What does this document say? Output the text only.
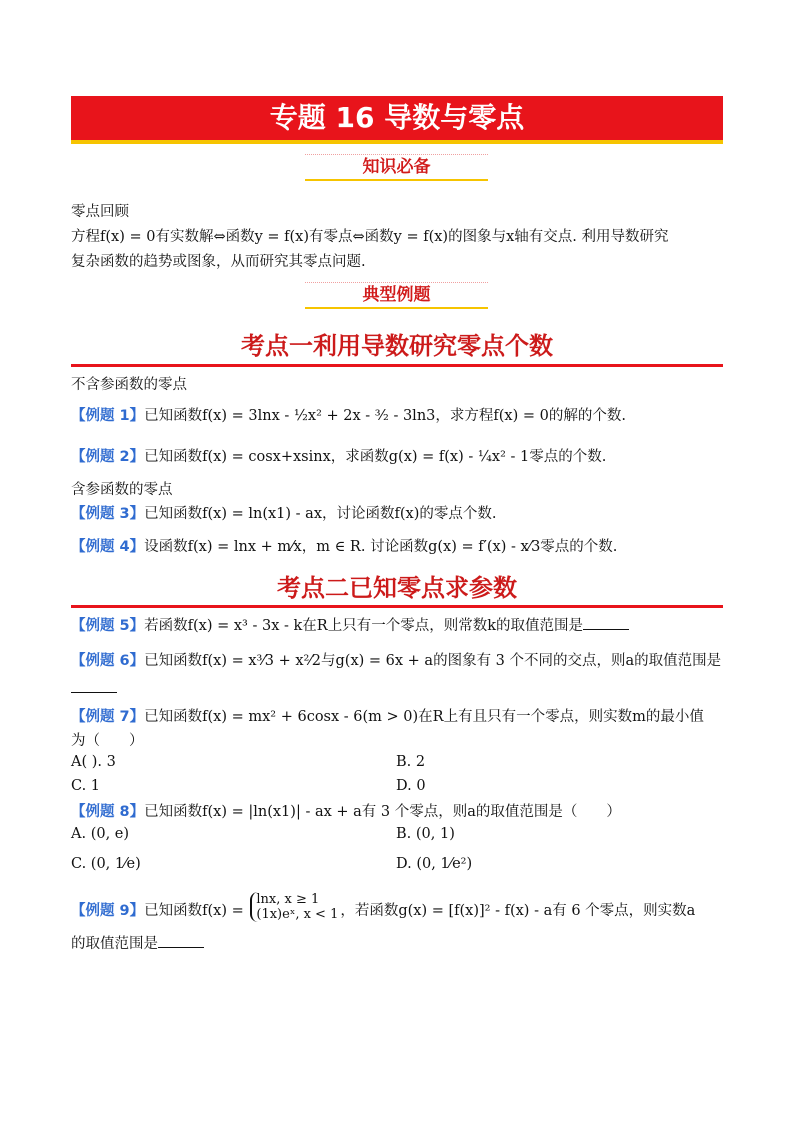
专题 16 导数与零点
知识必备
零点回顾
方程f(x) = 0有实数解⇔函数y = f(x)有零点⇔函数y = f(x)的图象与x轴有交点. 利用导数研究
复杂函数的趋势或图象，从而研究其零点问题.
典型例题
考点一利用导数研究零点个数
不含参函数的零点
【例题 1】已知函数f(x) = 3lnx - ½x² + 2x - ³⁄₂ - 3ln3，求方程f(x) = 0的解的个数.
【例题 2】已知函数f(x) = cosx+xsinx，求函数g(x) = f(x) - ¼x² - 1零点的个数.
含参函数的零点
【例题 3】已知函数f(x) = ln(x1) - ax，讨论函数f(x)的零点个数.
【例题 4】设函数f(x) = lnx + m⁄x，m ∈ R. 讨论函数g(x) = f′(x) - x⁄3零点的个数.
考点二已知零点求参数
【例题 5】若函数f(x) = x³ - 3x - k在R上只有一个零点，则常数k的取值范围是
【例题 6】已知函数f(x) = x³⁄3 + x²⁄2与g(x) = 6x + a的图象有 3 个不同的交点，则a的取值范围是
【例题 7】已知函数f(x) = mx² + 6cosx - 6(m > 0)在R上有且只有一个零点，则实数m的最小值
为（　　）
A( ). 3	B. 2
C. 1	D. 0
【例题 8】已知函数f(x) = |ln(x1)| - ax + a有 3 个零点，则a的取值范围是（　　）
A. (0, e)	B. (0, 1)
C. (0, 1⁄e)	D. (0, 1⁄e²)
【例题 9】已知函数f(x) =
lnx, x ≥ 1
(1x)eˣ, x < 1 ，若函数g(x) = [f(x)]² - f(x) - a有 6 个零点，则实数a
的取值范围是
